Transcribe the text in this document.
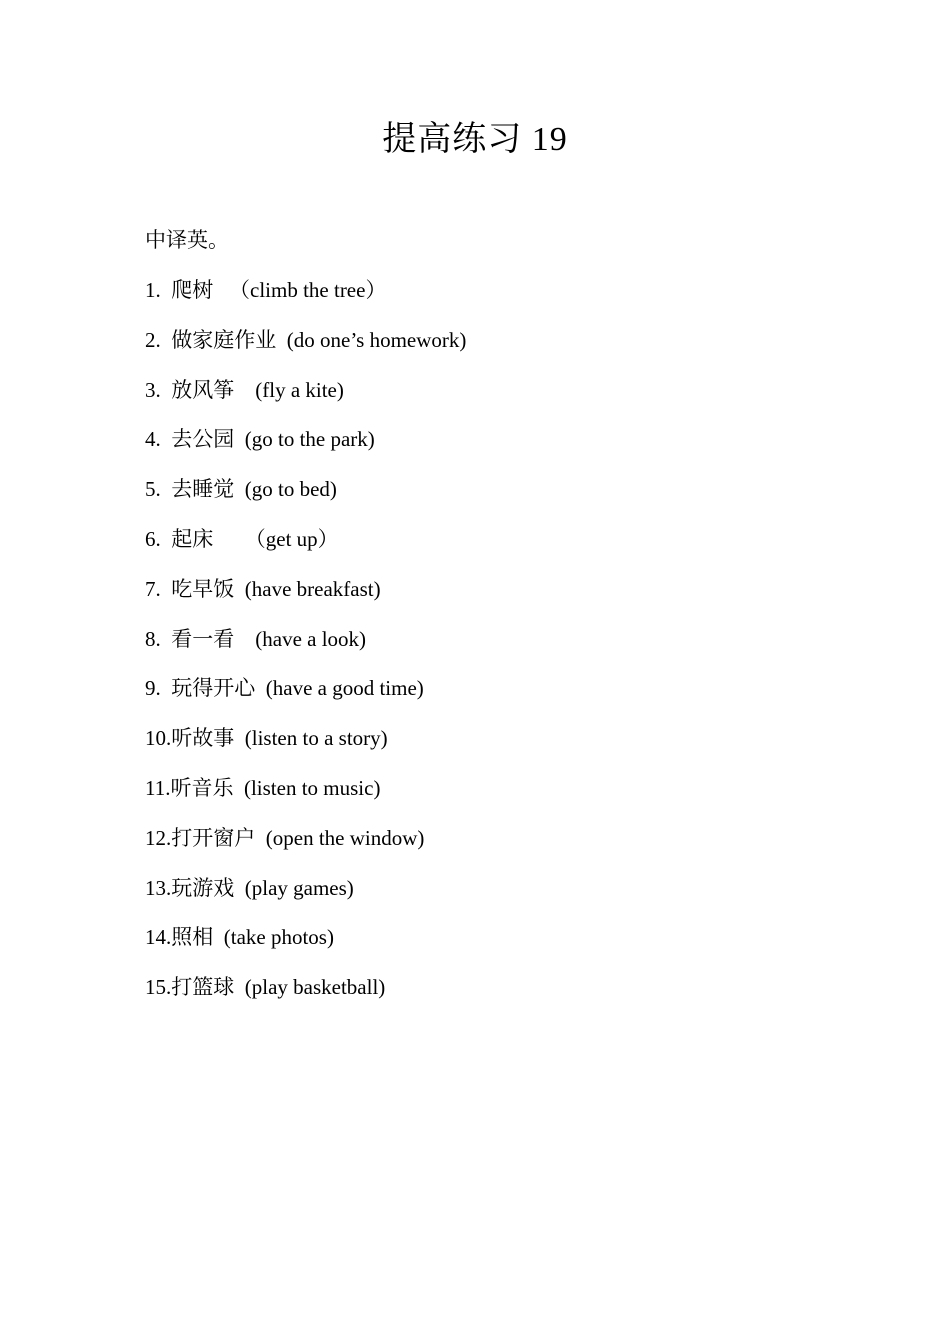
提高练习 19
中译英。
1.  爬树   （climb the tree）
2.  做家庭作业  (do one’s homework)
3.  放风筝    (fly a kite)
4.  去公园  (go to the park)
5.  去睡觉  (go to bed)
6.  起床      （get up）
7.  吃早饭  (have breakfast)
8.  看一看    (have a look)
9.  玩得开心  (have a good time)
10.听故事  (listen to a story)
11.听音乐  (listen to music)
12.打开窗户  (open the window)
13.玩游戏  (play games)
14.照相  (take photos)
15.打篮球  (play basketball)
